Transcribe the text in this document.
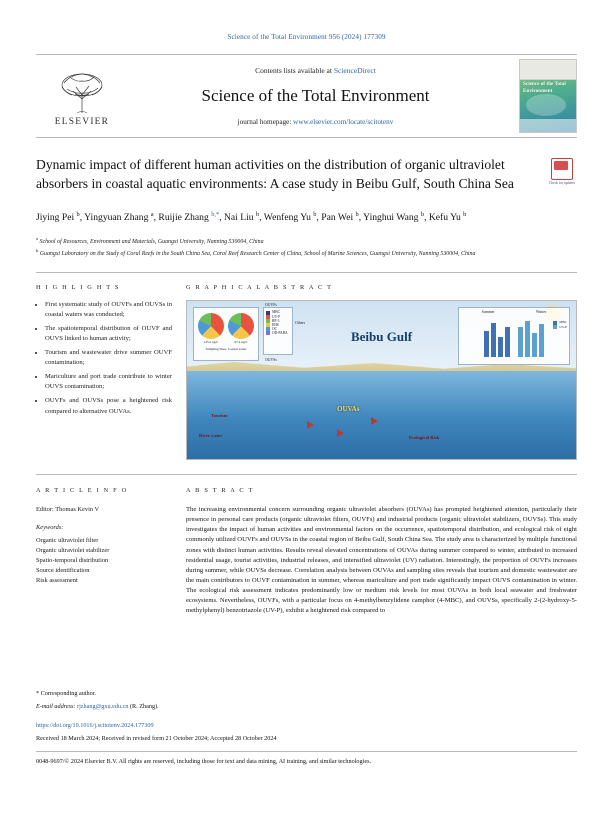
Science of the Total Environment 956 (2024) 177309
ELSEVIER
Contents lists available at ScienceDirect
Science of the Total Environment
journal homepage: www.elsevier.com/locate/scitotenv
Science of the Total Environment
Dynamic impact of different human activities on the distribution of organic ultraviolet absorbers in coastal aquatic environments: A case study in Beibu Gulf, South China Sea	Check for updates
Jiying Pei $^b$, Yingyuan Zhang $^a$, Ruijie Zhang $^{b,*}$, Nai Liu $^b$, Wenfeng Yu $^b$, Pan Wei $^b$, Yinghui Wang $^b$, Kefu Yu $^b$
$^a$ School of Resources, Environment and Materials, Guangxi University, Nanning 530004, China
$^b$ Guangxi Laboratory on the Study of Coral Reefs in the South China Sea, Coral Reef Research Center of China, School of Marine Sciences, Guangxi University, Nanning 530004, China
H I G H L I G H T S
• First systematic study of OUVFs and OUVSs in coastal waters was conducted;
• The spatiotemporal distribution of OUVF and OUVS linked to human activity;
• Tourism and wastewater drive summer OUVF contamination;
• Mariculture and port trade contribute to winter OUVS contamination;
• OUVFs and OUVSs pose a heightened risk compared to alternative OUVAs.
G R A P H I C A L A B S T R A C T
Beibu Gulf
145.2 ng/L	97.4 ng/L
Sampling Sites, Coastal zones
MBC
UV-P
BP-3
EHS
OC
OD-PABA
OUVFs
Others
OUVSs
Summer	Winter
MBC
UV-P
Tourism
River water
OUVAs
Ecological Risk
A R T I C L E I N F O
Editor: Thomas Kevin V
Keywords:
Organic ultraviolet filter
Organic ultraviolet stabilizer
Spatio-temporal distribution
Source identification
Risk assessment
A B S T R A C T
The increasing environmental concern surrounding organic ultraviolet absorbers (OUVAs) has prompted heightened attention, particularly their presence in personal care products (organic ultraviolet filters, OUVFs) and industrial products (organic ultraviolet stabilizers, OUVSs). This study investigates the impact of human activities and environmental factors on the occurrence, spatiotemporal distribution, and ecological risk of eight commonly utilized OUVFs and OUVSs in the coastal region of Beibu Gulf, South China Sea. The study area is characterized by multiple functional zones with distinct human activities. Results reveal elevated concentrations of OUVAs during summer compared to winter, attributed to increased residential usage, tourist activities, industrial releases, and intensified ultraviolet (UV) radiation. Interestingly, the proportion of OUVFs increases during summer, while OUVSs decrease. Correlation analysis between OUVAs and sampling sites reveals that tourism and domestic wastewater are the main contributors to OUVF contamination in summer, whereas mariculture and port trade significantly impact OUVS contamination in winter. The ecological risk assessment indicates predominantly low or medium risk levels for most OUVAs in both local seawater and freshwater ecosystems. Nevertheless, OUVFs, with a particular focus on 4-methylbenzylidene camphor (4-MBC), and OUVSs, specifically 2-(2-hydroxy-5-methylphenyl) benzotriazole (UV-P), exhibit a heightened risk compared to
* Corresponding author.
E-mail address: rjzhang@gxu.edu.cn (R. Zhang).
https://doi.org/10.1016/j.scitotenv.2024.177309
Received 18 March 2024; Received in revised form 21 October 2024; Accepted 28 October 2024
0048-9697/© 2024 Elsevier B.V. All rights are reserved, including those for text and data mining, AI training, and similar technologies.
